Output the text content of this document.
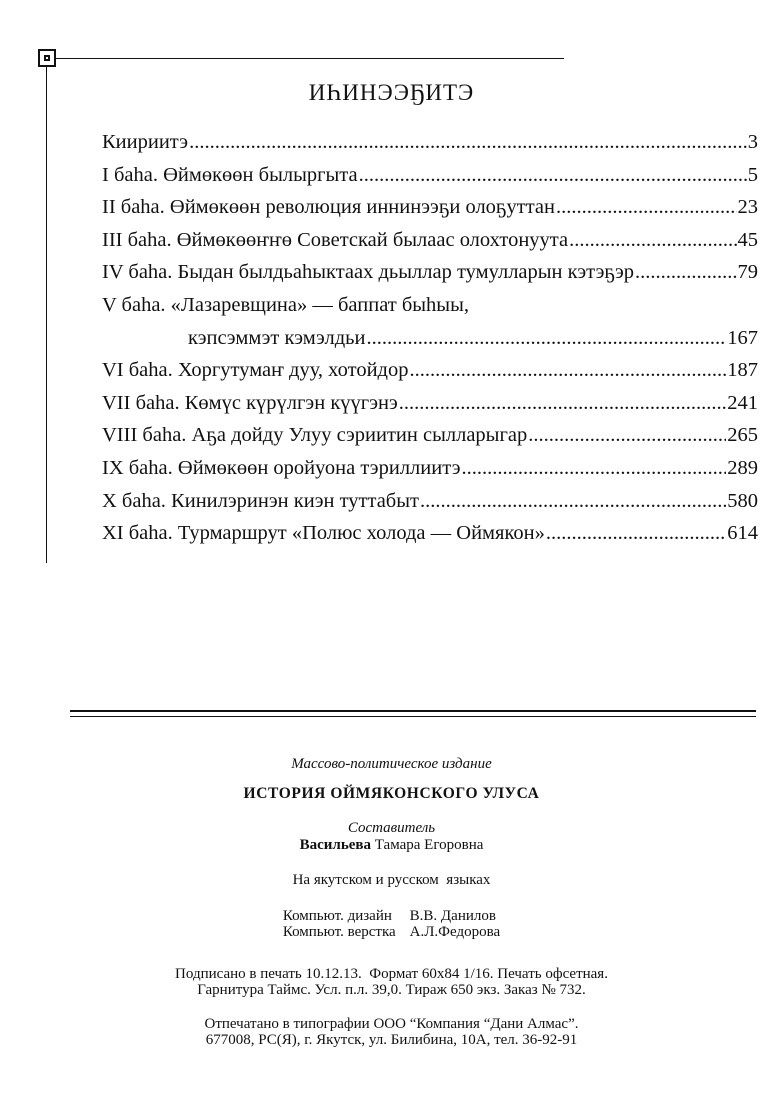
ИҺИНЭЭҔИТЭ
Киириитэ .....	3
I баһа. Өймөкөөн былыргыта .....	5
II баһа. Өймөкөөн революция иннинээҕи олоҕуттан .....	23
III баһа. Өймөкөөҥҥө Советскай былаас олохтонуута .....	45
IV баһа. Быдан былдьаһыктаах дьыллар тумулларын кэтэҕэр .....	79
V баһа. «Лазаревщина» — баппат быһыы,
кэпсэммэт кэмэлдьи .....	167
VI баһа. Хоргутумаҥ дуу, хотойдор .....	187
VII баһа. Көмүс күрүлгэн күүгэнэ .....	241
VIII баһа. Аҕа дойду Улуу сэриитин сылларыгар .....	265
IX баһа. Өймөкөөн оройуона тэриллиитэ .....	289
X баһа. Кинилэринэн киэн туттабыт .....	580
XI баһа. Турмаршрут «Полюс холода — Оймякон» .....	614
Массово-политическое издание
ИСТОРИЯ ОЙМЯКОНСКОГО УЛУСА
Составитель
Васильева Тамара Егоровна
На якутском и русском  языках
Компьют. дизайн В.В. Данилов
Компьют. верстка А.Л.Федорова
Подписано в печать 10.12.13.  Формат 60x84 1/16. Печать офсетная.
Гарнитура Таймс. Усл. п.л. 39,0. Тираж 650 экз. Заказ № 732.
Отпечатано в типографии ООО “Компания “Дани Алмас”.
677008, РС(Я), г. Якутск, ул. Билибина, 10А, тел. 36-92-91
